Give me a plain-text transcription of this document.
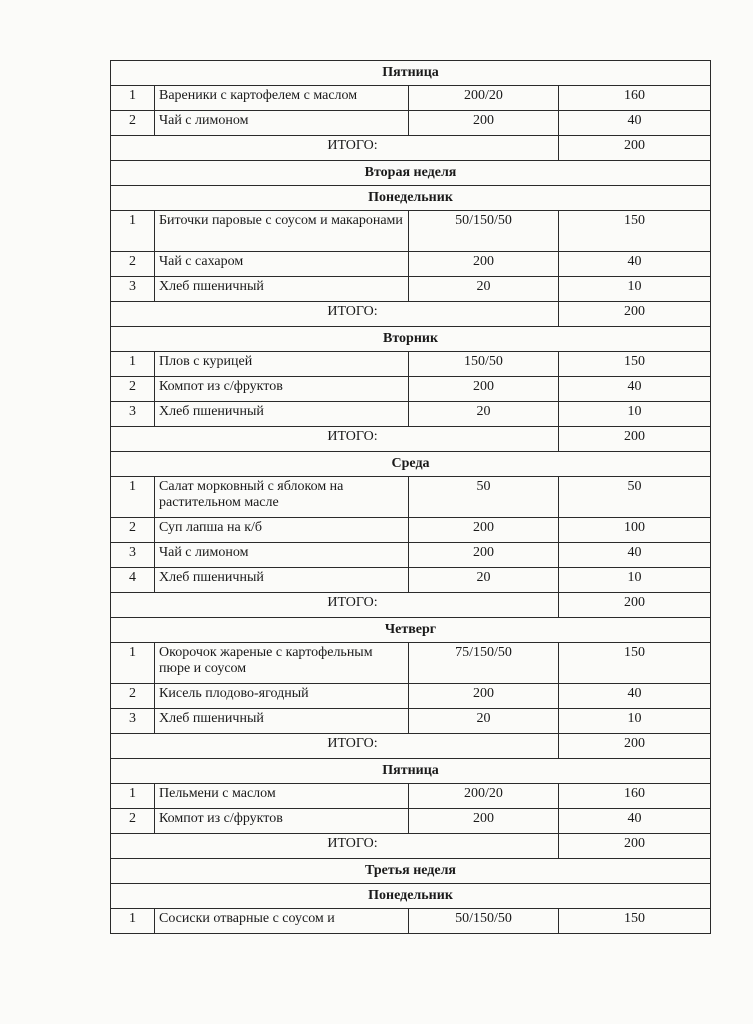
Пятница			
1	Вареники с картофелем с маслом	200/20	160
2	Чай с лимоном	200	40
ИТОГО:			200
Вторая неделя			
Понедельник			
1	Биточки паровые с соусом и макаронами	50/150/50	150
2	Чай с сахаром	200	40
3	Хлеб пшеничный	20	10
ИТОГО:			200
Вторник			
1	Плов с курицей	150/50	150
2	Компот из с/фруктов	200	40
3	Хлеб пшеничный	20	10
ИТОГО:			200
Среда			
1	Салат морковный с яблоком на растительном масле	50	50
2	Суп лапша на к/б	200	100
3	Чай с лимоном	200	40
4	Хлеб пшеничный	20	10
ИТОГО:			200
Четверг			
1	Окорочок жареные с картофельным пюре и соусом	75/150/50	150
2	Кисель плодово-ягодный	200	40
3	Хлеб пшеничный	20	10
ИТОГО:			200
Пятница			
1	Пельмени с маслом	200/20	160
2	Компот из с/фруктов	200	40
ИТОГО:			200
Третья неделя			
Понедельник			
1	Сосиски отварные с соусом и	50/150/50	150
